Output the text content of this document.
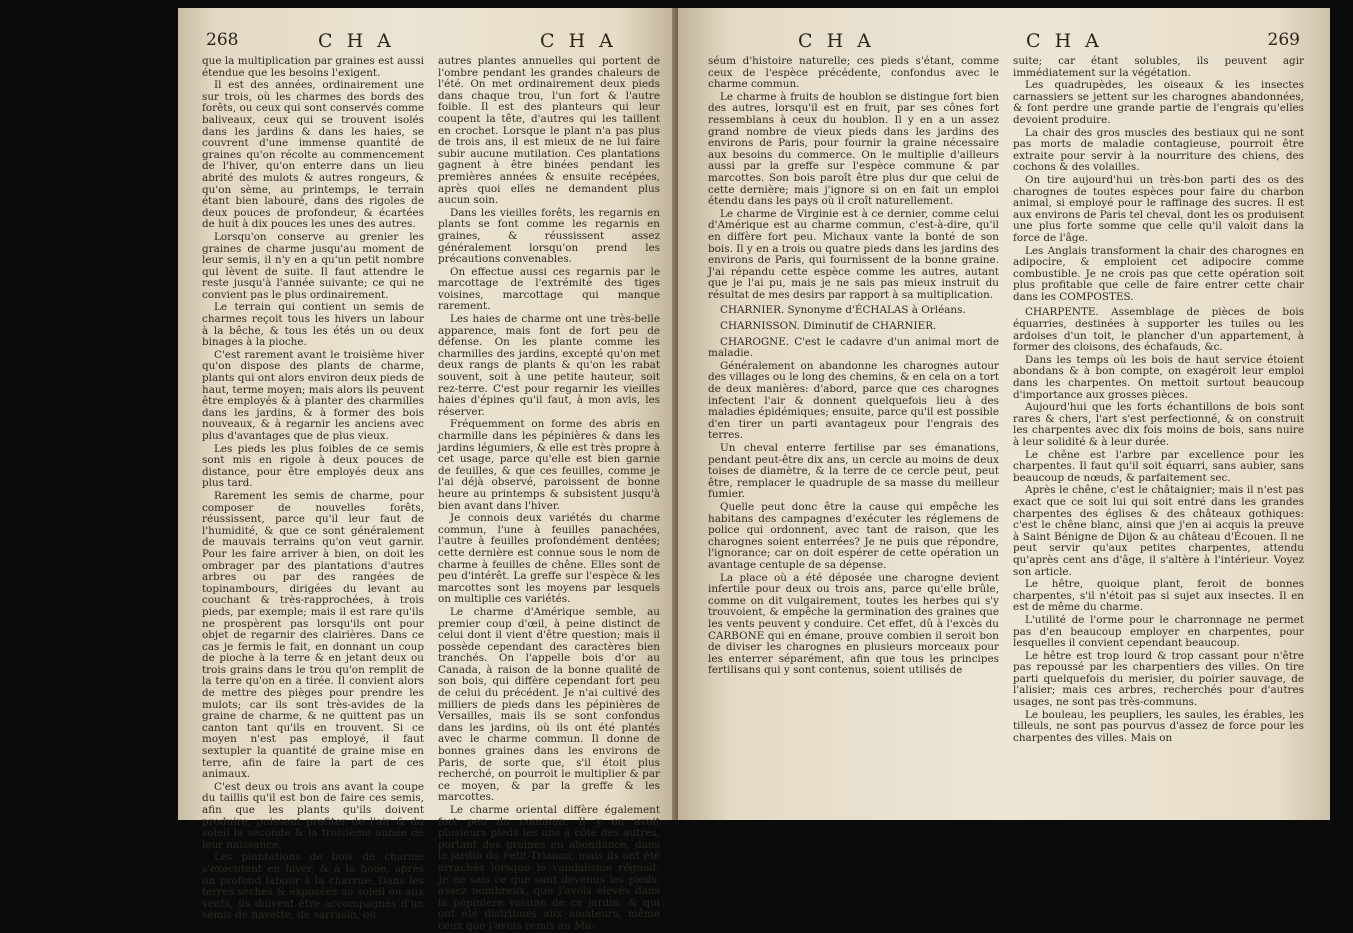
268	C H A	C H A

que la multiplication par graines est aussi étendue que les besoins l'exigent.

Il est des années, ordinairement une sur trois, où les charmes des bords des forêts, ou ceux qui sont conservés comme baliveaux, ceux qui se trouvent isolés dans les jardins & dans les haies, se couvrent d'une immense quantité de graines qu'on récolte au commencement de l'hiver, qu'on enterre dans un lieu abrité des mulots & autres rongeurs, & qu'on sème, au printemps, le terrain étant bien labouré, dans des rigoles de deux pouces de profondeur, & écartées de huit à dix pouces les unes des autres.

Lorsqu'on conserve au grenier les graines de charme jusqu'au moment de leur semis, il n'y en a qu'un petit nombre qui lèvent de suite. Il faut attendre le reste jusqu'à l'année suivante; ce qui ne convient pas le plus ordinairement.

Le terrain qui contient un semis de charmes reçoit tous les hivers un labour à la bêche, & tous les étés un ou deux binages à la pioche.

C'est rarement avant le troisième hiver qu'on dispose des plants de charme, plants qui ont alors environ deux pieds de haut, terme moyen; mais alors ils peuvent être employés & à planter des charmilles dans les jardins, & à former des bois nouveaux, & à regarnir les anciens avec plus d'avantages que de plus vieux.

Les pieds les plus foibles de ce semis sont mis en rigole à deux pouces de distance, pour être employés deux ans plus tard.

Rarement les semis de charme, pour composer de nouvelles forêts, réussissent, parce qu'il leur faut de l'humidité, & que ce sont généralement de mauvais terrains qu'on veut garnir. Pour les faire arriver à bien, on doit les ombrager par des plantations d'autres arbres ou par des rangées de topinambours, dirigées du levant au couchant & très-rapprochées, à trois pieds, par exemple; mais il est rare qu'ils ne prospèrent pas lorsqu'ils ont pour objet de regarnir des clairières. Dans ce cas je fermis le fait, en donnant un coup de pioche à la terre & en jetant deux ou trois grains dans le trou qu'on remplit de la terre qu'on en a tirée. Il convient alors de mettre des pièges pour prendre les mulots; car ils sont très-avides de la graine de charme, & ne quittent pas un canton tant qu'ils en trouvent. Si ce moyen n'est pas employé, il faut sextupler la quantité de graine mise en terre, afin de faire la part de ces animaux.

C'est deux ou trois ans avant la coupe du taillis qu'il est bon de faire ces semis, afin que les plants qu'ils doivent produire, puissent profiter de l'air & du soleil la seconde & la troisième année de leur naissance.

Les plantations de bois de charme s'exécutent en hiver, & à la houe, après un profond labour à la charrue. Dans les terres sèches & exposées au soleil ou aux vents, ils doivent être accompagnés d'un semis de navette, de sarrasin, ou

autres plantes annuelles qui portent de l'ombre pendant les grandes chaleurs de l'été. On met ordinairement deux pieds dans chaque trou, l'un fort & l'autre foible. Il est des planteurs qui leur coupent la tête, d'autres qui les taillent en crochet. Lorsque le plant n'a pas plus de trois ans, il est mieux de ne lui faire subir aucune mutilation. Ces plantations gagnent à être binées pendant les premières années & ensuite recépées, après quoi elles ne demandent plus aucun soin.

Dans les vieilles forêts, les regarnis en plants se font comme les regarnis en graines, & réussissent assez généralement lorsqu'on prend les précautions convenables.

On effectue aussi ces regarnis par le marcottage de l'extrémité des tiges voisines, marcottage qui manque rarement.

Les haies de charme ont une très-belle apparence, mais font de fort peu de défense. On les plante comme les charmilles des jardins, excepté qu'on met deux rangs de plants & qu'on les rabat souvent, soit à une petite hauteur, soit rez-terre. C'est pour regarnir les vieilles haies d'épines qu'il faut, à mon avis, les réserver.

Fréquemment on forme des abris en charmille dans les pépinières & dans les jardins légumiers, & elle est très propre à cet usage, parce qu'elle est bien garnie de feuilles, & que ces feuilles, comme je l'ai déjà observé, paroissent de bonne heure au printemps & subsistent jusqu'à bien avant dans l'hiver.

Je connois deux variétés du charme commun, l'une à feuilles panachées, l'autre à feuilles profondément dentées; cette dernière est connue sous le nom de charme à feuilles de chêne. Elles sont de peu d'intérêt. La greffe sur l'espèce & les marcottes sont les moyens par lesquels on multiplie ces variétés.

Le charme d'Amérique semble, au premier coup d'œil, à peine distinct de celui dont il vient d'être question; mais il possède cependant des caractères bien tranchés. On l'appelle bois d'or au Canada, à raison de la bonne qualité de son bois, qui diffère cependant fort peu de celui du précédent. Je n'ai cultivé des milliers de pieds dans les pépinières de Versailles, mais ils se sont confondus dans les jardins, où ils ont été plantés avec le charme commun. Il donne de bonnes graines dans les environs de Paris, de sorte que, s'il étoit plus recherché, on pourroit le multiplier & par ce moyen, & par la greffe & les marcottes.

Le charme oriental diffère également fort peu du commun. Il y en avoit plusieurs pieds les uns à côté des autres, portant des graines en abondance, dans le jardin du Petit-Trianon, mais ils ont été arrachés lorsque le vandalisme régnoit. Je ne sais ce que sont devenus les pieds, assez nombreux, que j'avois élevés dans la pépinière voisine de ce jardin, & qui ont été distribués aux amateurs, même ceux que j'avois remis au Mu-

C H A	C H A	269

séum d'histoire naturelle; ces pieds s'étant, comme ceux de l'espèce précédente, confondus avec le charme commun.

Le charme à fruits de houblon se distingue fort bien des autres, lorsqu'il est en fruit, par ses cônes fort ressemblans à ceux du houblon. Il y en a un assez grand nombre de vieux pieds dans les jardins des environs de Paris, pour fournir la graine nécessaire aux besoins du commerce. On le multiplie d'ailleurs aussi par la greffe sur l'espèce commune & par marcottes. Son bois paroît être plus dur que celui de cette dernière; mais j'ignore si on en fait un emploi étendu dans les pays où il croît naturellement.

Le charme de Virginie est à ce dernier, comme celui d'Amérique est au charme commun, c'est-à-dire, qu'il en diffère fort peu. Michaux vante la bonté de son bois. Il y en a trois ou quatre pieds dans les jardins des environs de Paris, qui fournissent de la bonne graine. J'ai répandu cette espèce comme les autres, autant que je l'ai pu, mais je ne sais pas mieux instruit du résultat de mes desirs par rapport à sa multiplication.

CHARNIER. Synonyme d'ÉCHALAS à Orléans.

CHARNISSON. Diminutif de CHARNIER.

CHAROGNE. C'est le cadavre d'un animal mort de maladie.

Généralement on abandonne les charognes autour des villages ou le long des chemins, & en cela on a tort de deux manières: d'abord, parce que ces charognes infectent l'air & donnent quelquefois lieu à des maladies épidémiques; ensuite, parce qu'il est possible d'en tirer un parti avantageux pour l'engrais des terres.

Un cheval enterre fertilise par ses émanations, pendant peut-être dix ans, un cercle au moins de deux toises de diamètre, & la terre de ce cercle peut, peut être, remplacer le quadruple de sa masse du meilleur fumier.

Quelle peut donc être la cause qui empêche les habitans des campagnes d'exécuter les réglemens de police qui ordonnent, avec tant de raison, que les charognes soient enterrées? Je ne puis que répondre, l'ignorance; car on doit espérer de cette opération un avantage centuple de sa dépense.

La place où a été déposée une charogne devient infertile pour deux ou trois ans, parce qu'elle brûle, comme on dit vulgairement, toutes les herbes qui s'y trouvoient, & empêche la germination des graines que les vents peuvent y conduire. Cet effet, dû à l'excès du CARBONE qui en émane, prouve combien il seroit bon de diviser les charognes en plusieurs morceaux pour les enterrer séparément, afin que tous les principes fertilisans qui y sont contenus, soient utilisés de

suite; car étant solubles, ils peuvent agir immédiatement sur la végétation.

Les quadrupèdes, les oiseaux & les insectes carnassiers se jettent sur les charognes abandonnées, & font perdre une grande partie de l'engrais qu'elles devoient produire.

La chair des gros muscles des bestiaux qui ne sont pas morts de maladie contagieuse, pourroit être extraite pour servir à la nourriture des chiens, des cochons & des volailles.

On tire aujourd'hui un très-bon parti des os des charognes de toutes espèces pour faire du charbon animal, si employé pour le raffinage des sucres. Il est aux environs de Paris tel cheval, dont les os produisent une plus forte somme que celle qu'il valoit dans la force de l'âge.

Les Anglais transforment la chair des charognes en adipocire, & emploient cet adipocire comme combustible. Je ne crois pas que cette opération soit plus profitable que celle de faire entrer cette chair dans les COMPOSTES.

CHARPENTE. Assemblage de pièces de bois équarries, destinées à supporter les tuiles ou les ardoises d'un toit, le plancher d'un appartement, à former des cloisons, des échafauds, &c.

Dans les temps où les bois de haut service étoient abondans & à bon compte, on exagéroit leur emploi dans les charpentes. On mettoit surtout beaucoup d'importance aux grosses pièces.

Aujourd'hui que les forts échantillons de bois sont rares & chers, l'art s'est perfectionné, & on construit les charpentes avec dix fois moins de bois, sans nuire à leur solidité & à leur durée.

Le chêne est l'arbre par excellence pour les charpentes. Il faut qu'il soit équarri, sans aubier, sans beaucoup de nœuds, & parfaitement sec.

Après le chêne, c'est le châtaignier; mais il n'est pas exact que ce soit lui qui soit entré dans les grandes charpentes des églises & des châteaux gothiques: c'est le chêne blanc, ainsi que j'en ai acquis la preuve à Saint Bénigne de Dijon & au château d'Écouen. Il ne peut servir qu'aux petites charpentes, attendu qu'après cent ans d'âge, il s'altère à l'intérieur. Voyez son article.

Le hêtre, quoique plant, feroit de bonnes charpentes, s'il n'étoit pas si sujet aux insectes. Il en est de même du charme.

L'utilité de l'orme pour le charronnage ne permet pas d'en beaucoup employer en charpentes, pour lesquelles il convient cependant beaucoup.

Le hêtre est trop lourd & trop cassant pour n'être pas repoussé par les charpentiers des villes. On tire parti quelquefois du merisier, du poirier sauvage, de l'alisier; mais ces arbres, recherchés pour d'autres usages, ne sont pas très-communs.

Le bouleau, les peupliers, les saules, les érables, les tilleuls, ne sont pas pourvus d'assez de force pour les charpentes des villes. Mais on
